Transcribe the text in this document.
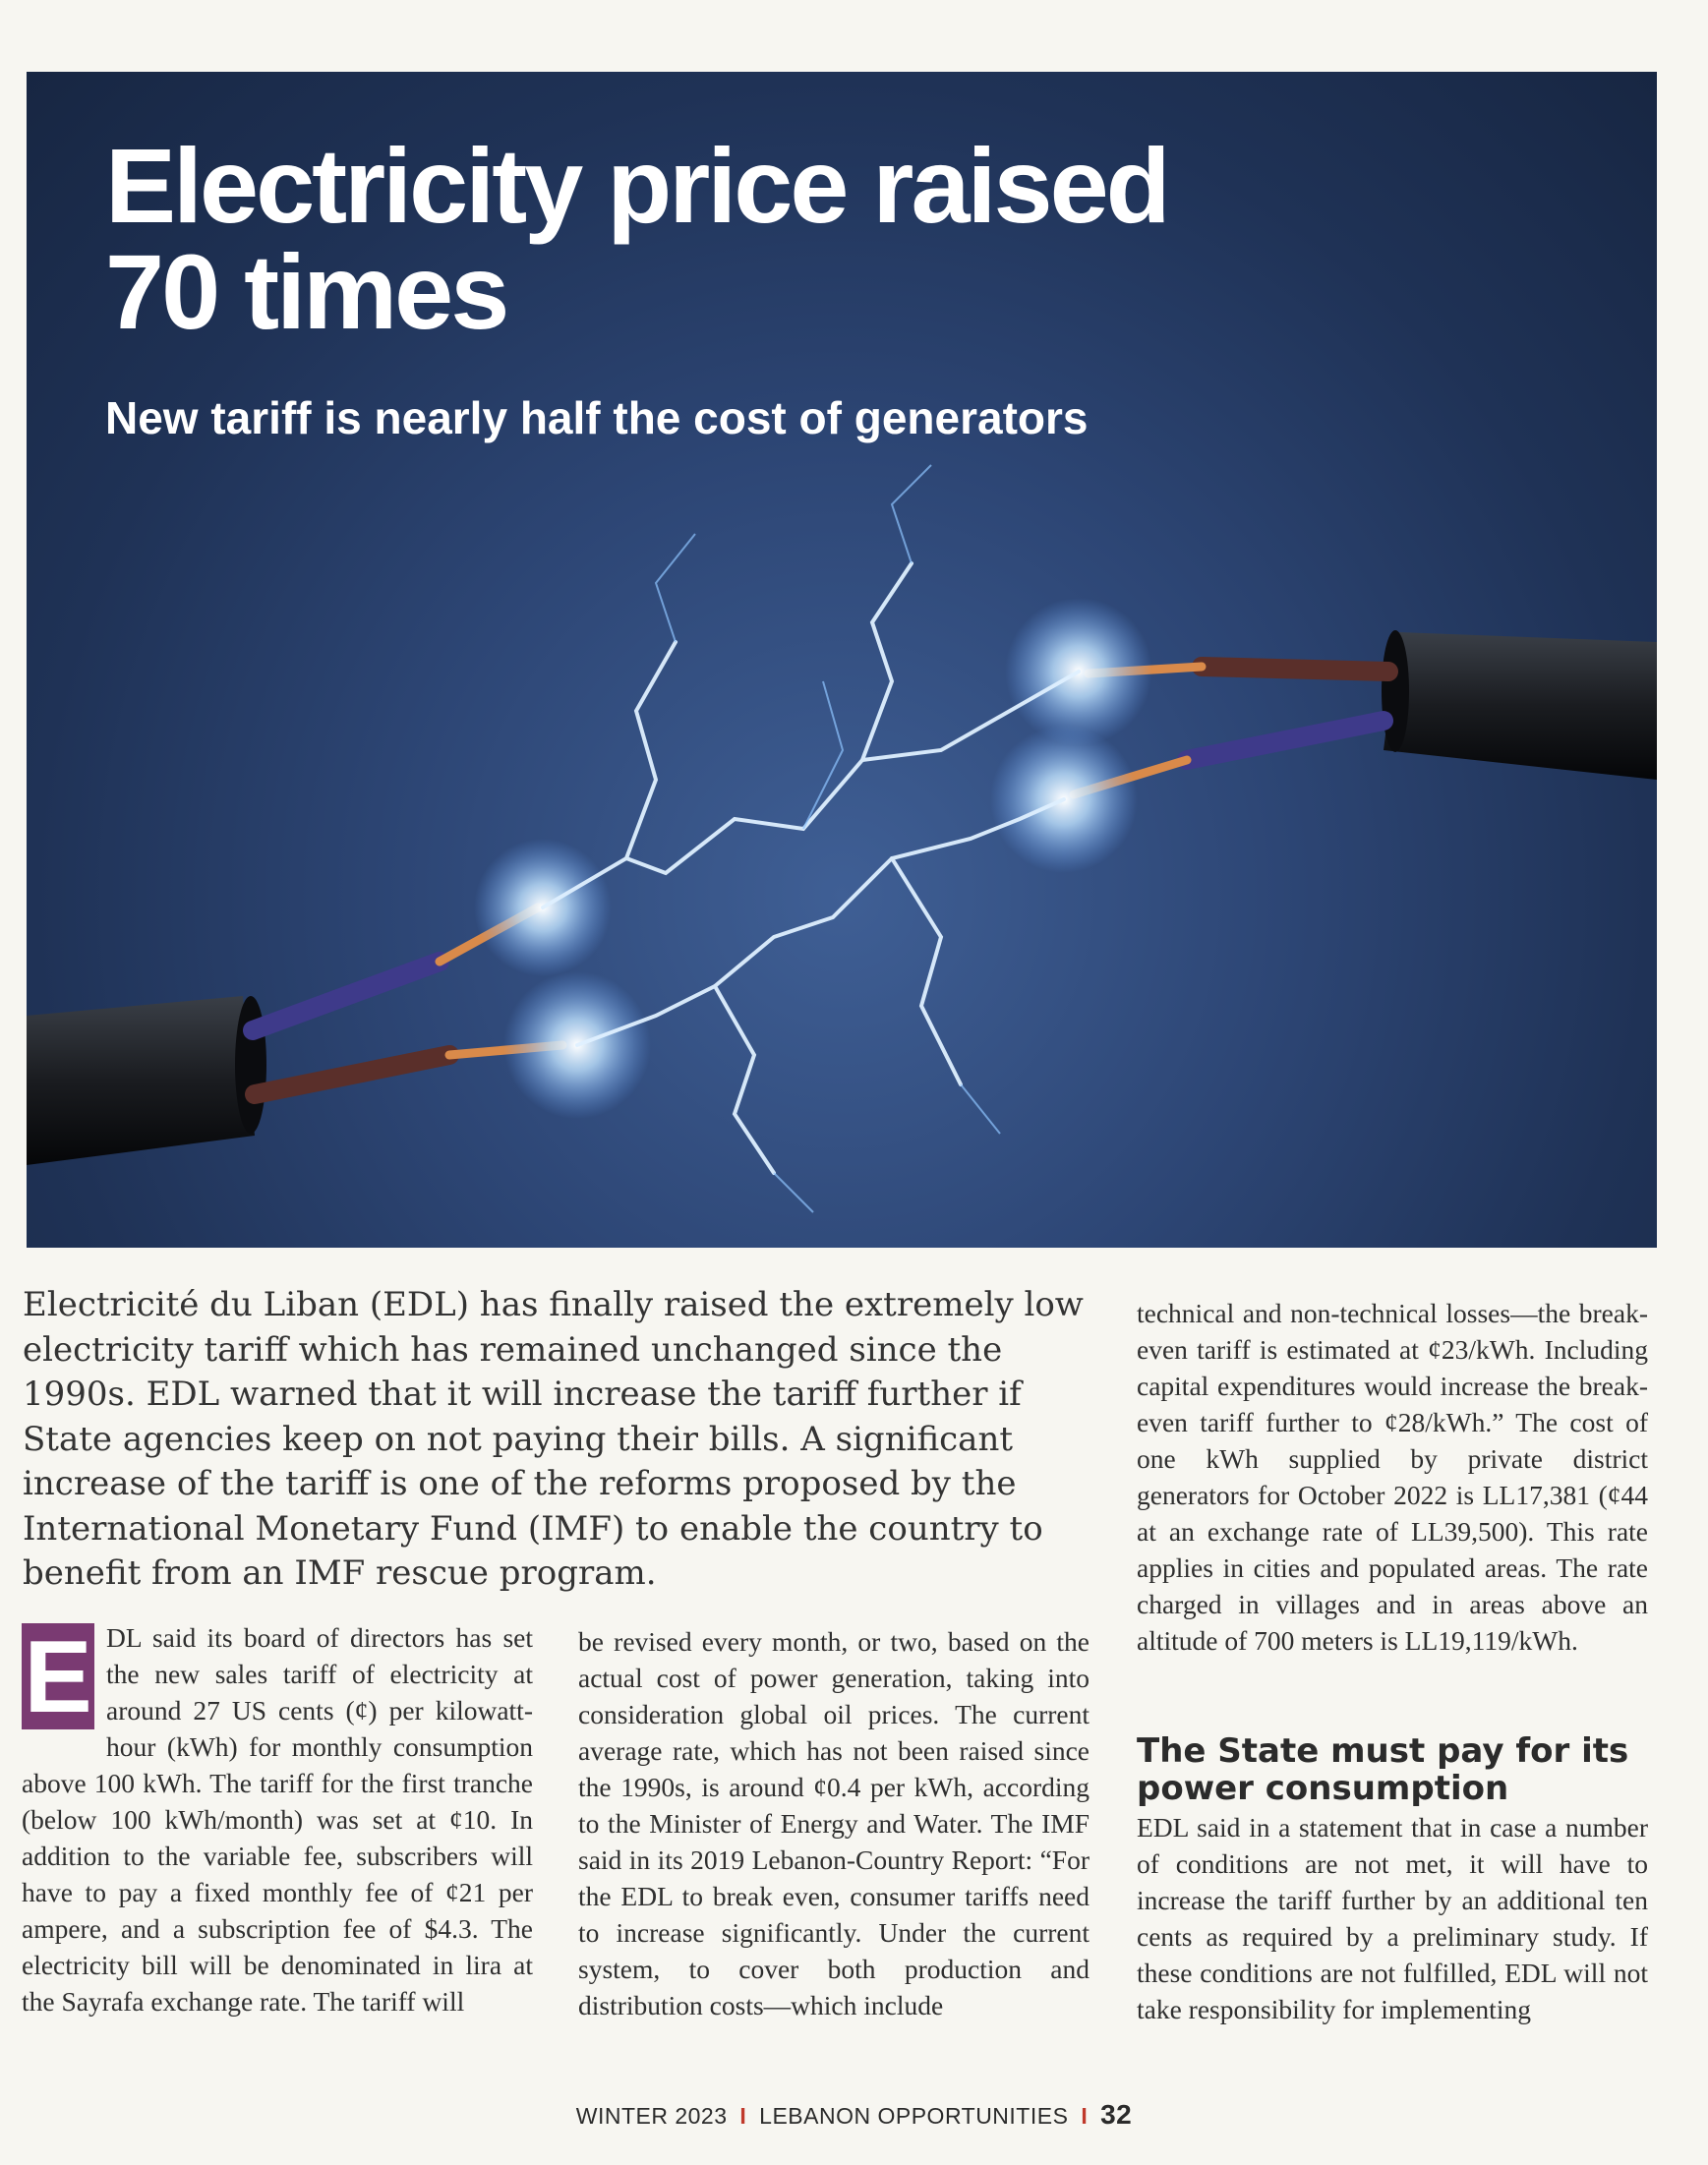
Electricity price raised 70 times
New tariff is nearly half the cost of generators

Electricité du Liban (EDL) has finally raised the extremely low electricity tariff which has remained unchanged since the 1990s. EDL warned that it will increase the tariff further if State agencies keep on not paying their bills. A significant increase of the tariff is one of the reforms proposed by the International Monetary Fund (IMF) to enable the country to benefit from an IMF rescue program.

E DL said its board of directors has set the new sales tariff of electricity at around 27 US cents (¢) per kilowatt-hour (kWh) for monthly consumption above 100 kWh. The tariff for the first tranche (below 100 kWh/month) was set at ¢10. In addition to the variable fee, subscribers will have to pay a fixed monthly fee of ¢21 per ampere, and a subscription fee of $4.3. The electricity bill will be denominated in lira at the Sayrafa exchange rate. The tariff will

be revised every month, or two, based on the actual cost of power generation, taking into consideration global oil prices. The current average rate, which has not been raised since the 1990s, is around ¢0.4 per kWh, according to the Minister of Energy and Water. The IMF said in its 2019 Lebanon-Country Report: “For the EDL to break even, consumer tariffs need to increase significantly. Under the current system, to cover both production and distribution costs—which include

technical and non-technical losses—the break-even tariff is estimated at ¢23/kWh. Including capital expenditures would increase the break-even tariff further to ¢28/kWh.” The cost of one kWh supplied by private district generators for October 2022 is LL17,381 (¢44 at an exchange rate of LL39,500). This rate applies in cities and populated areas. The rate charged in villages and in areas above an altitude of 700 meters is LL19,119/kWh.

The State must pay for its power consumption

EDL said in a statement that in case a number of conditions are not met, it will have to increase the tariff further by an additional ten cents as required by a preliminary study. If these conditions are not fulfilled, EDL will not take responsibility for implementing

WINTER 2023 I LEBANON OPPORTUNITIES I 32
